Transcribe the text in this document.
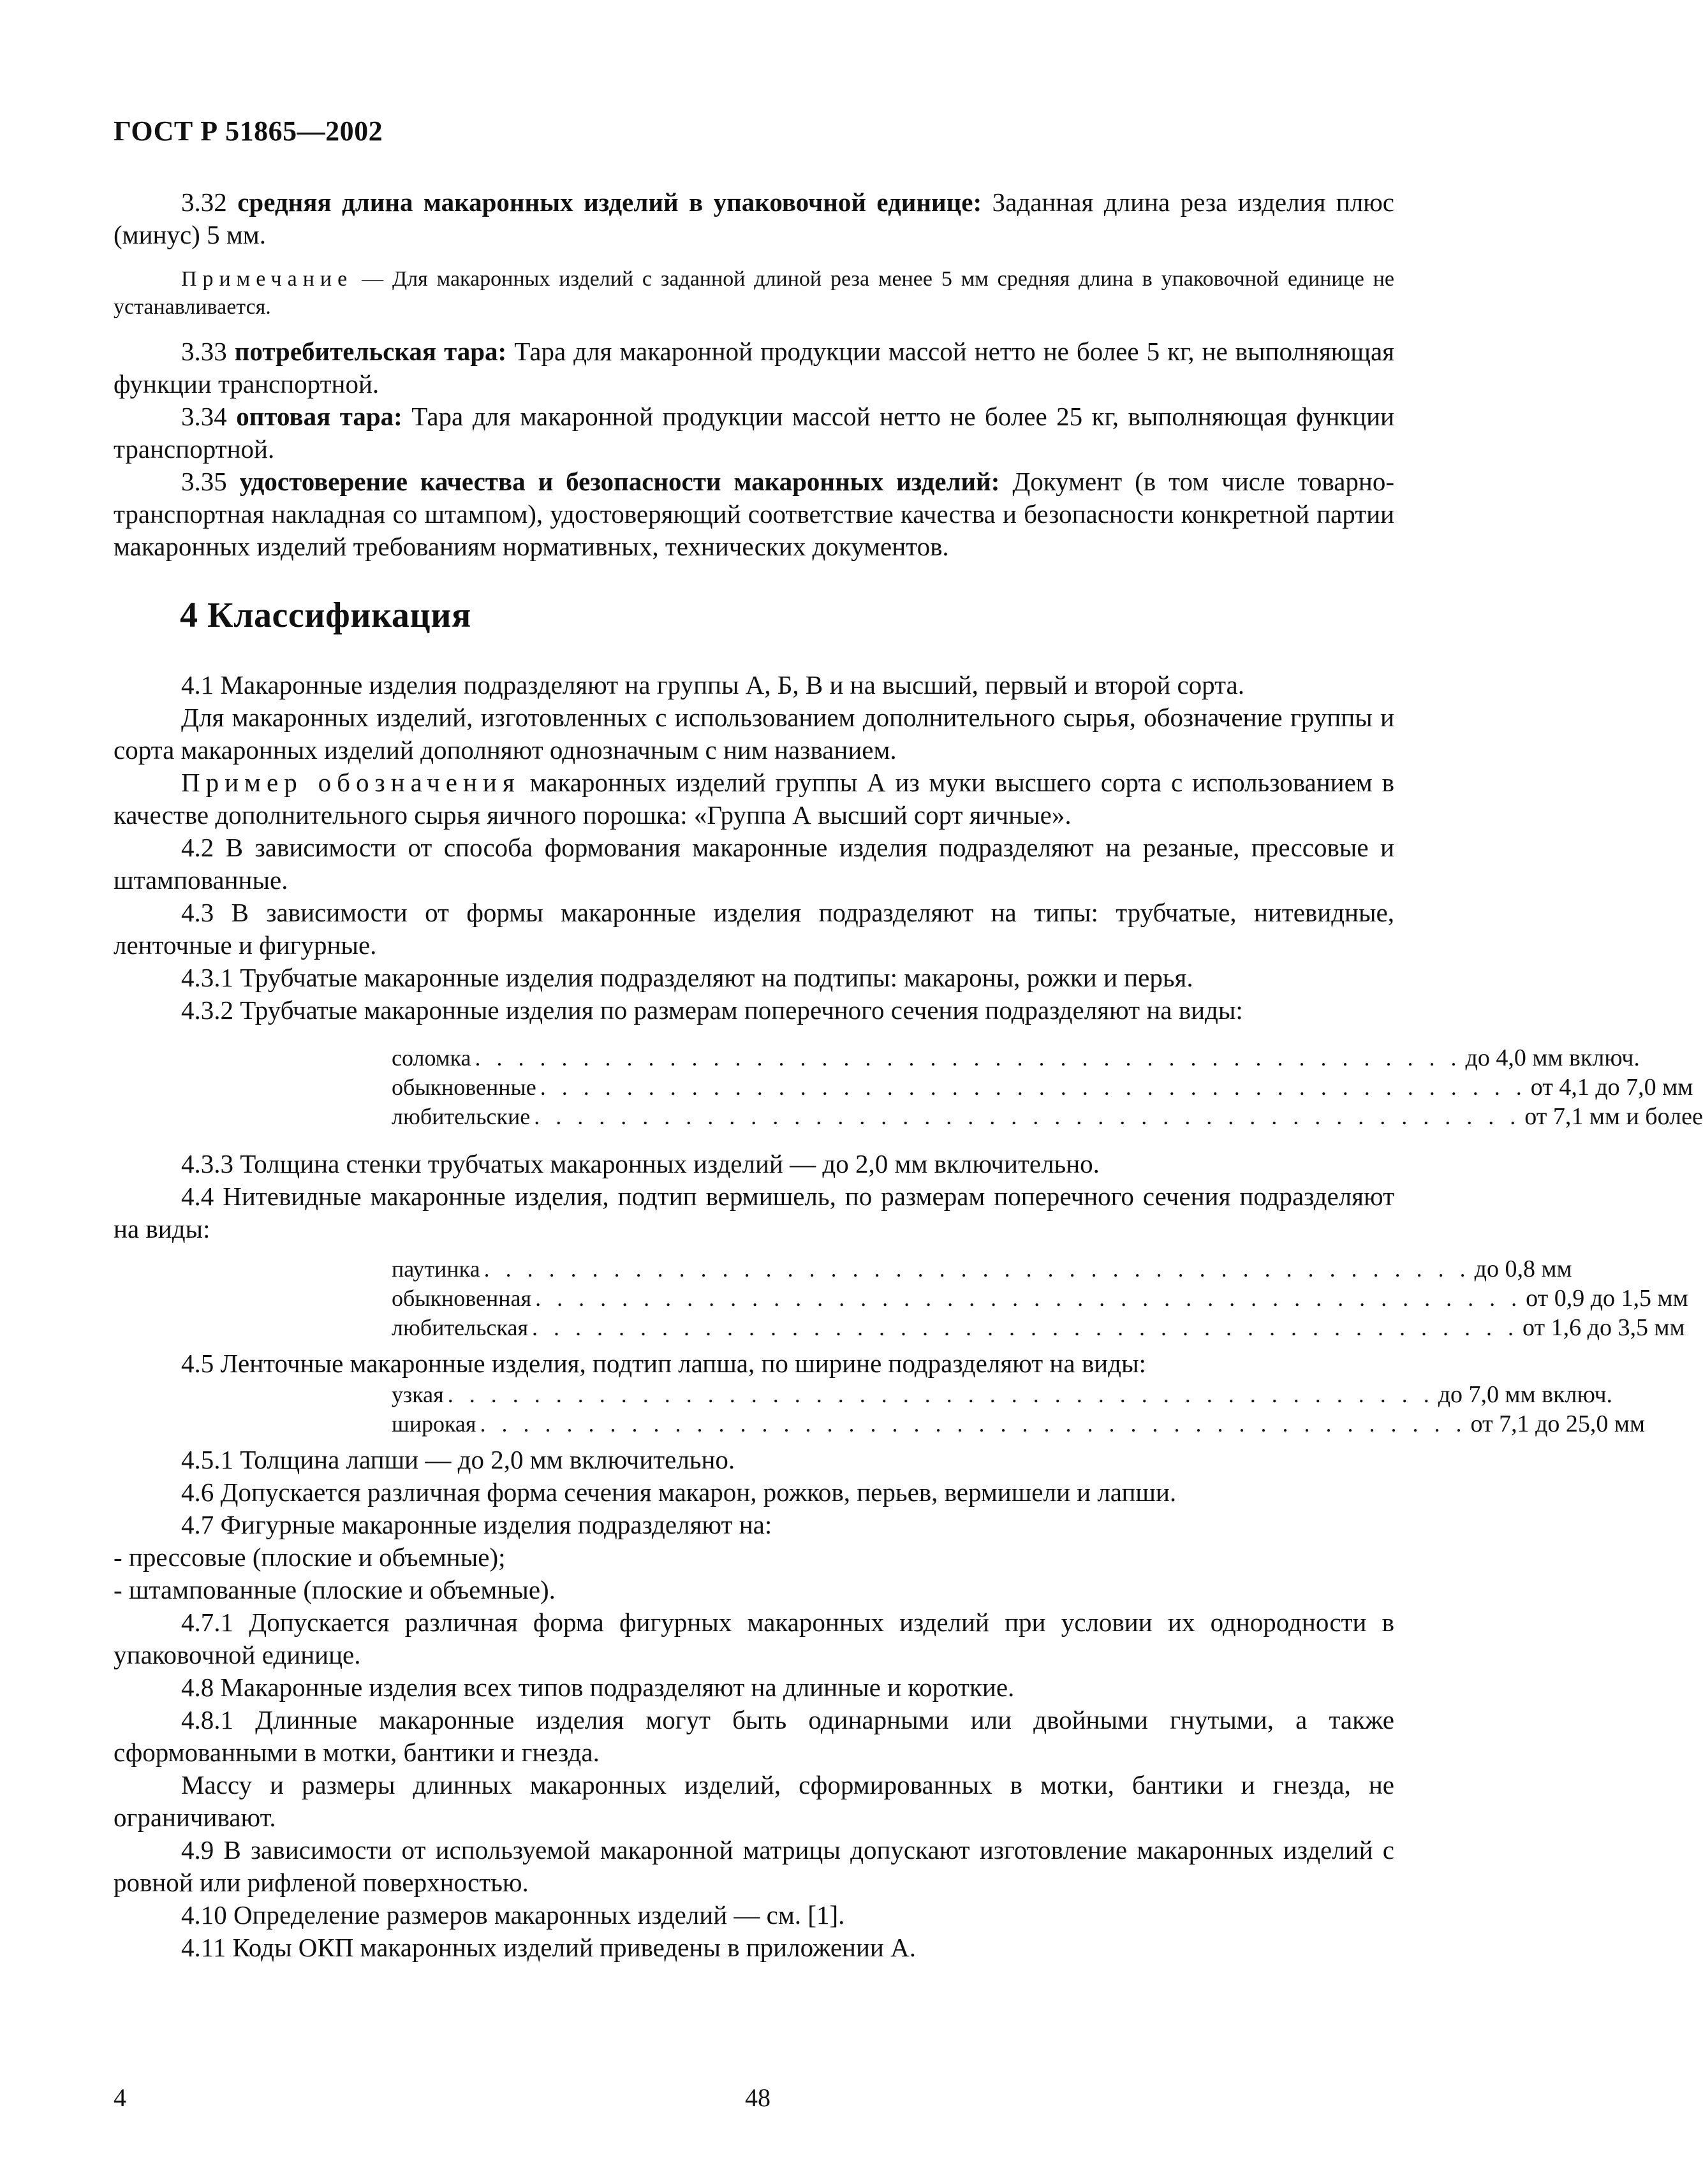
ГОСТ Р 51865—2002

3.32 средняя длина макаронных изделий в упаковочной единице: Заданная длина реза изделия плюс (минус) 5 мм.

Примечание — Для макаронных изделий с заданной длиной реза менее 5 мм средняя длина в упаковочной единице не устанавливается.

3.33 потребительская тара: Тара для макаронной продукции массой нетто не более 5 кг, не выполняющая функции транспортной.

3.34 оптовая тара: Тара для макаронной продукции массой нетто не более 25 кг, выполняющая функции транспортной.

3.35 удостоверение качества и безопасности макаронных изделий: Документ (в том числе товарно-транспортная накладная со штампом), удостоверяющий соответствие качества и безопасности конкретной партии макаронных изделий требованиям нормативных, технических документов.

4 Классификация

4.1 Макаронные изделия подразделяют на группы А, Б, В и на высший, первый и второй сорта.

Для макаронных изделий, изготовленных с использованием дополнительного сырья, обозначение группы и сорта макаронных изделий дополняют однозначным с ним названием.

Пример обозначения макаронных изделий группы А из муки высшего сорта с использованием в качестве дополнительного сырья яичного порошка: «Группа А высший сорт яичные».

4.2 В зависимости от способа формования макаронные изделия подразделяют на резаные, прессовые и штампованные.

4.3 В зависимости от формы макаронные изделия подразделяют на типы: трубчатые, нитевидные, ленточные и фигурные.

4.3.1 Трубчатые макаронные изделия подразделяют на подтипы: макароны, рожки и перья.

4.3.2 Трубчатые макаронные изделия по размерам поперечного сечения подразделяют на виды:

соломка . . . . . . . . . . . . . . . . . . . . . . . . . . . . . . . . . . . . . . . . . . . . . . до 4,0 мм включ.
обыкновенные . . . . . . . . . . . . . . . . . . . . . . . . . . . . . . . . . . . . . . . . . . . . . . от 4,1 до 7,0 мм
любительские . . . . . . . . . . . . . . . . . . . . . . . . . . . . . . . . . . . . . . . . . . . . . . от 7,1 мм и более

4.3.3 Толщина стенки трубчатых макаронных изделий — до 2,0 мм включительно.

4.4 Нитевидные макаронные изделия, подтип вермишель, по размерам поперечного сечения подразделяют на виды:

паутинка . . . . . . . . . . . . . . . . . . . . . . . . . . . . . . . . . . . . . . . . . . . . . . до 0,8 мм
обыкновенная . . . . . . . . . . . . . . . . . . . . . . . . . . . . . . . . . . . . . . . . . . . . . . от 0,9 до 1,5 мм
любительская . . . . . . . . . . . . . . . . . . . . . . . . . . . . . . . . . . . . . . . . . . . . . . от 1,6 до 3,5 мм

4.5 Ленточные макаронные изделия, подтип лапша, по ширине подразделяют на виды:

узкая . . . . . . . . . . . . . . . . . . . . . . . . . . . . . . . . . . . . . . . . . . . . . . до 7,0 мм включ.
широкая . . . . . . . . . . . . . . . . . . . . . . . . . . . . . . . . . . . . . . . . . . . . . . от 7,1 до 25,0 мм

4.5.1 Толщина лапши — до 2,0 мм включительно.

4.6 Допускается различная форма сечения макарон, рожков, перьев, вермишели и лапши.

4.7 Фигурные макаронные изделия подразделяют на:

- прессовые (плоские и объемные);

- штампованные (плоские и объемные).

4.7.1 Допускается различная форма фигурных макаронных изделий при условии их однородности в упаковочной единице.

4.8 Макаронные изделия всех типов подразделяют на длинные и короткие.

4.8.1 Длинные макаронные изделия могут быть одинарными или двойными гнутыми, а также сформованными в мотки, бантики и гнезда.

Массу и размеры длинных макаронных изделий, сформированных в мотки, бантики и гнезда, не ограничивают.

4.9 В зависимости от используемой макаронной матрицы допускают изготовление макаронных изделий с ровной или рифленой поверхностью.

4.10 Определение размеров макаронных изделий — см. [1].

4.11 Коды ОКП макаронных изделий приведены в приложении А.

4	48
